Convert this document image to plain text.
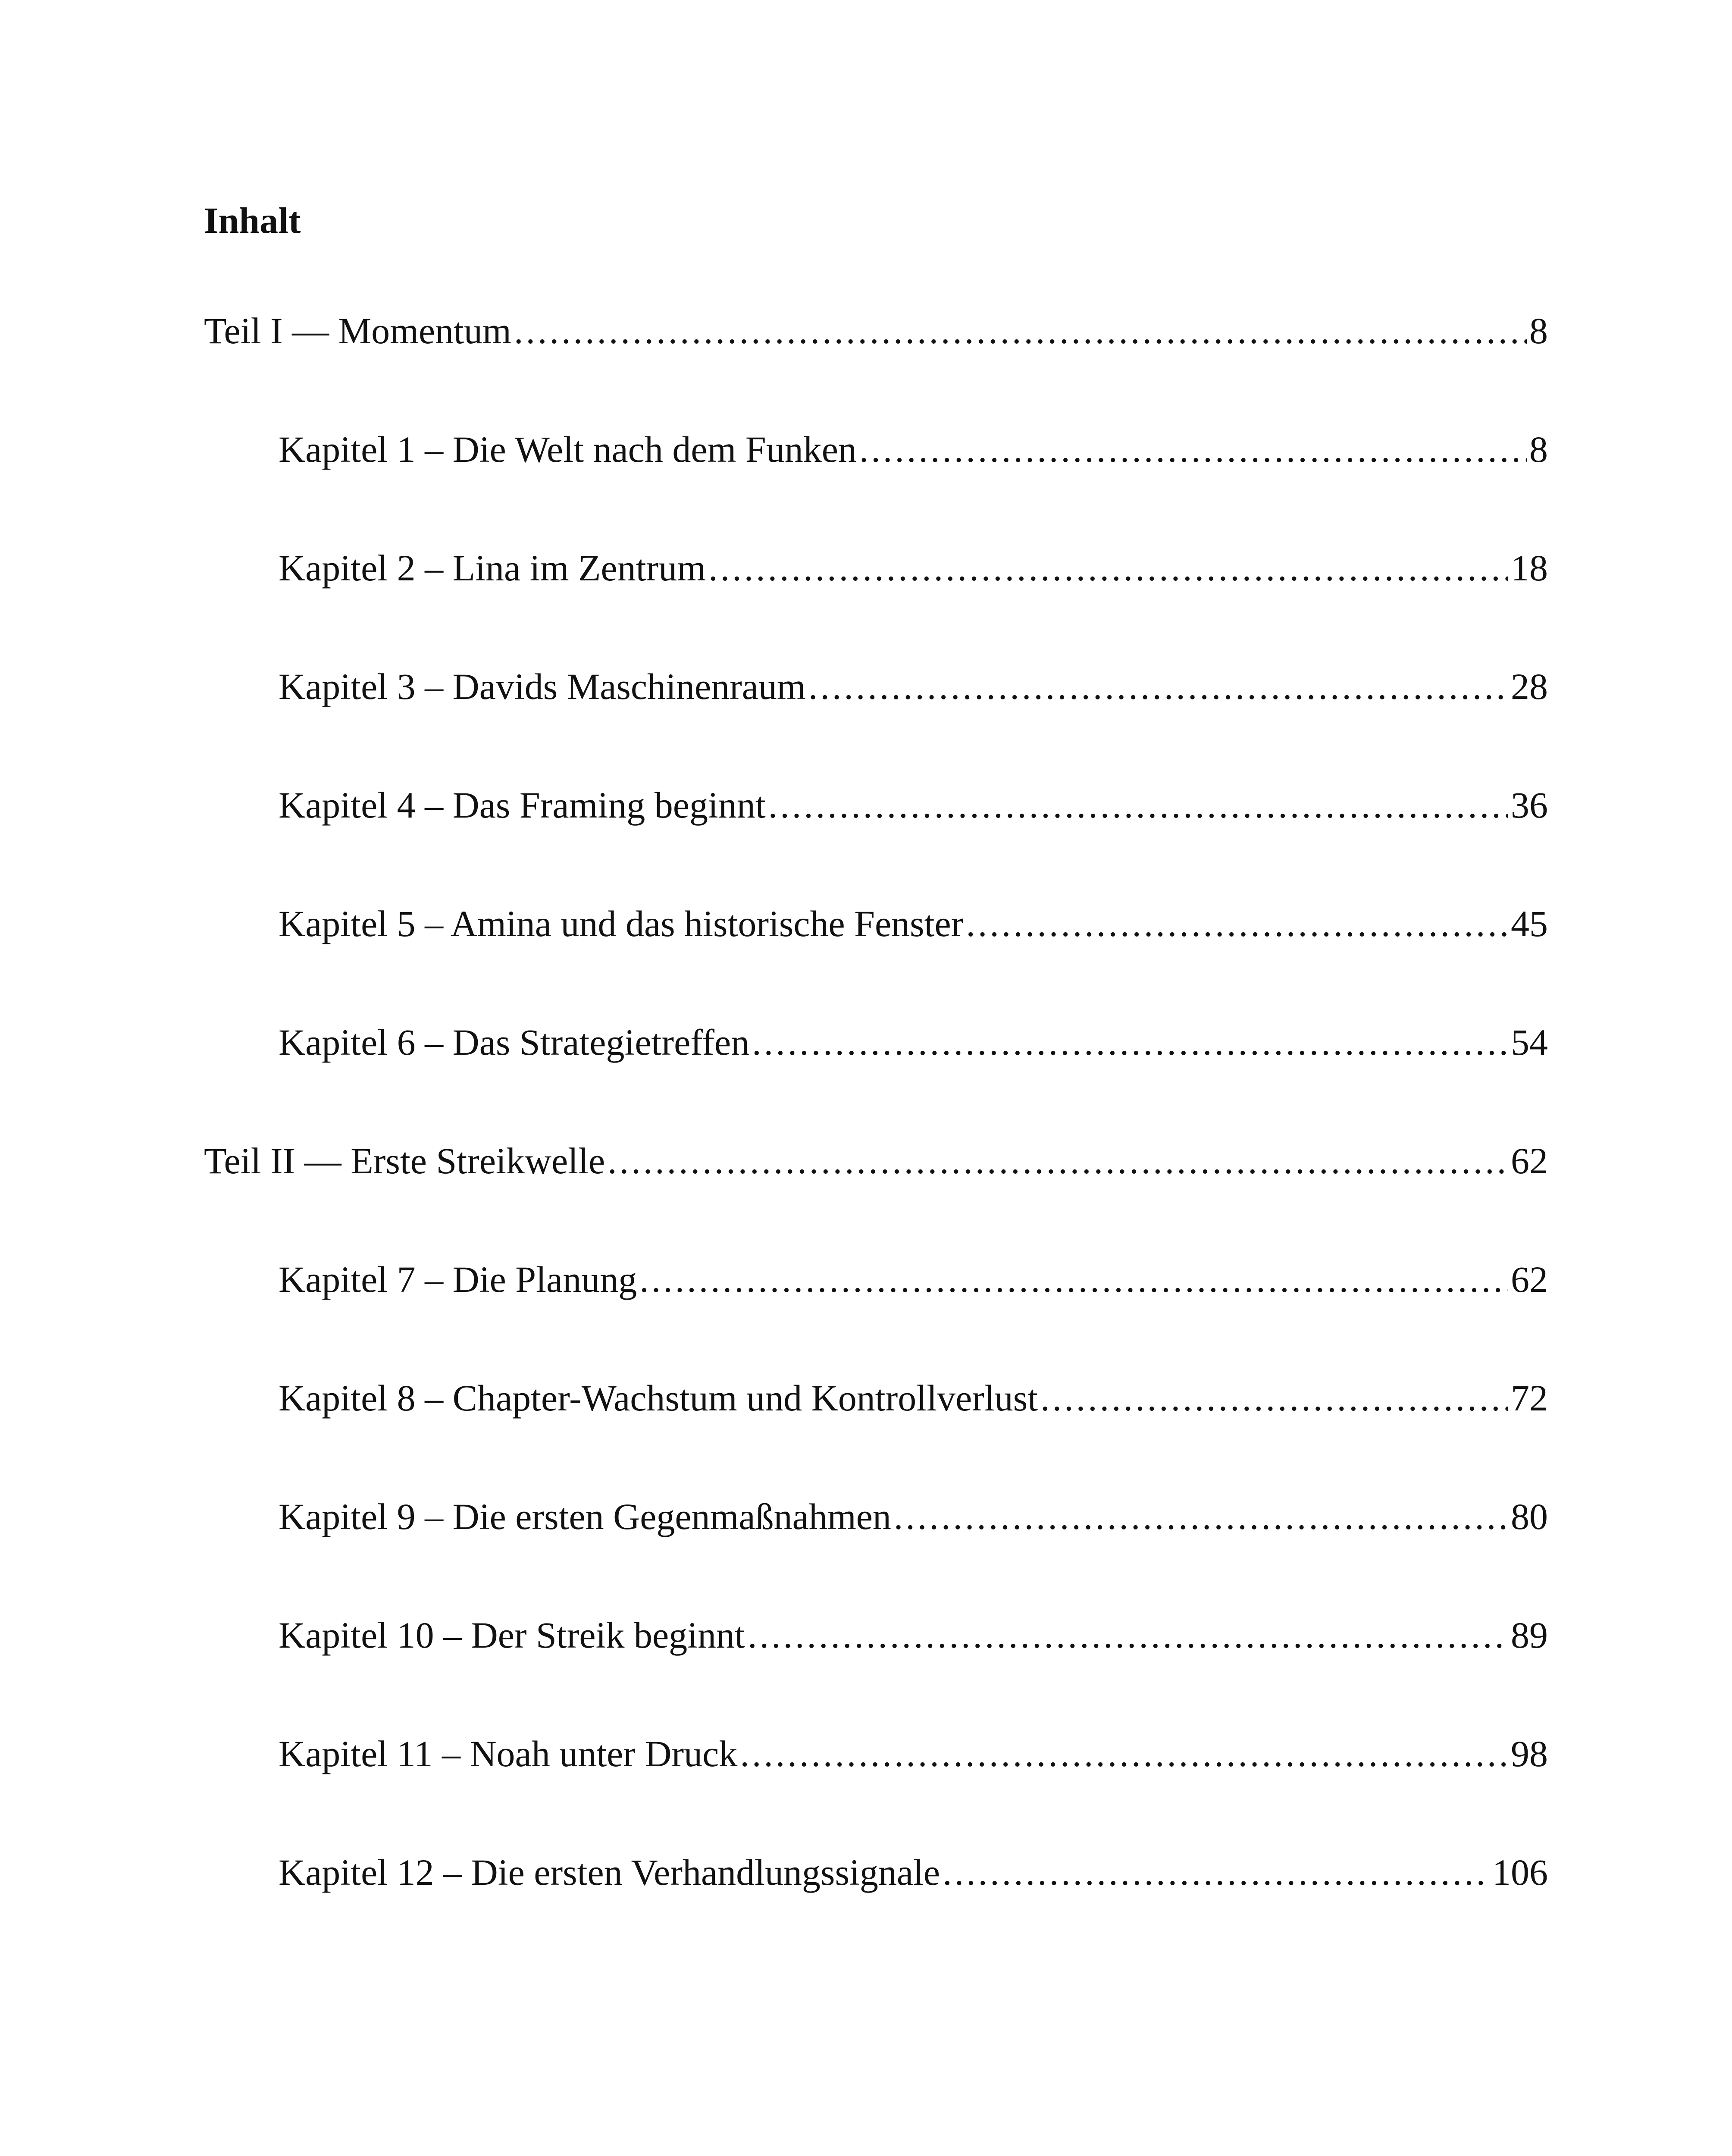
Inhalt
Teil I — Momentum .....	8
Kapitel 1 – Die Welt nach dem Funken .....	8
Kapitel 2 – Lina im Zentrum .....	18
Kapitel 3 – Davids Maschinenraum .....	28
Kapitel 4 – Das Framing beginnt .....	36
Kapitel 5 – Amina und das historische Fenster .....	45
Kapitel 6 – Das Strategietreffen .....	54
Teil II — Erste Streikwelle .....	62
Kapitel 7 – Die Planung .....	62
Kapitel 8 – Chapter-Wachstum und Kontrollverlust .....	72
Kapitel 9 – Die ersten Gegenmaßnahmen .....	80
Kapitel 10 – Der Streik beginnt .....	89
Kapitel 11 – Noah unter Druck .....	98
Kapitel 12 – Die ersten Verhandlungssignale .....	106
